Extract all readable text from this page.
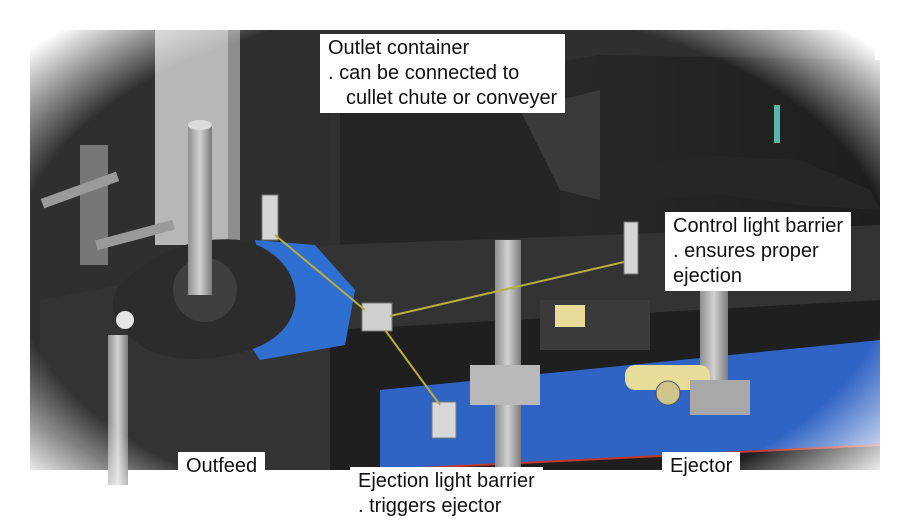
Outlet container
. can be connected to
cullet chute or conveyer
Control light barrier
. ensures proper
ejection
Outfeed	Ejector
Ejection light barrier
. triggers ejector
